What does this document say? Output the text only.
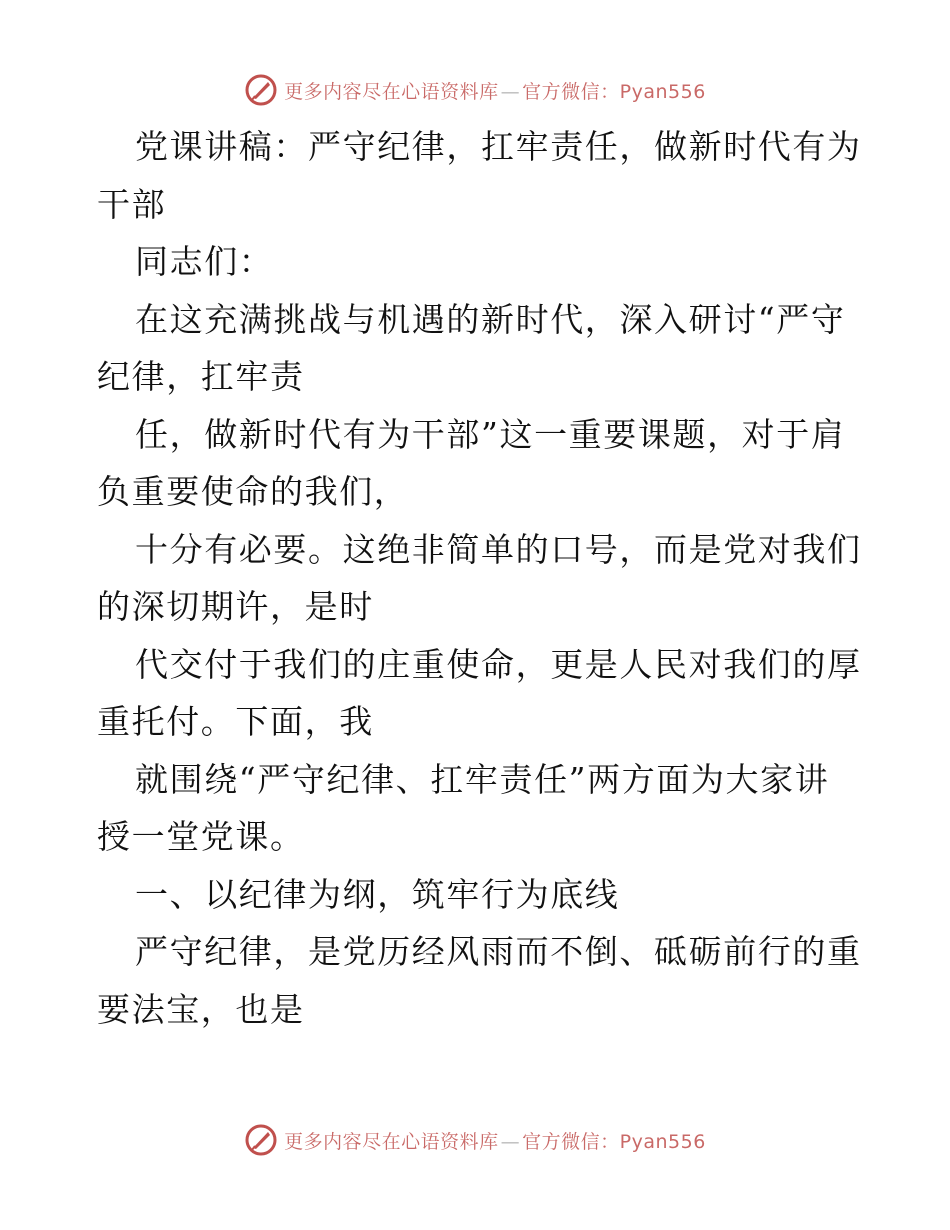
更多内容尽在心语资料库 — 官方微信：Pyan556
党课讲稿：严守纪律，扛牢责任，做新时代有为
干部
同志们：
在这充满挑战与机遇的新时代，深入研讨“严守
纪律，扛牢责
任，做新时代有为干部”这一重要课题，对于肩
负重要使命的我们，
十分有必要。这绝非简单的口号，而是党对我们
的深切期许，是时
代交付于我们的庄重使命，更是人民对我们的厚
重托付。下面，我
就围绕“严守纪律、扛牢责任”两方面为大家讲
授一堂党课。
一、以纪律为纲，筑牢行为底线
严守纪律，是党历经风雨而不倒、砥砺前行的重
要法宝，也是
更多内容尽在心语资料库 — 官方微信：Pyan556
